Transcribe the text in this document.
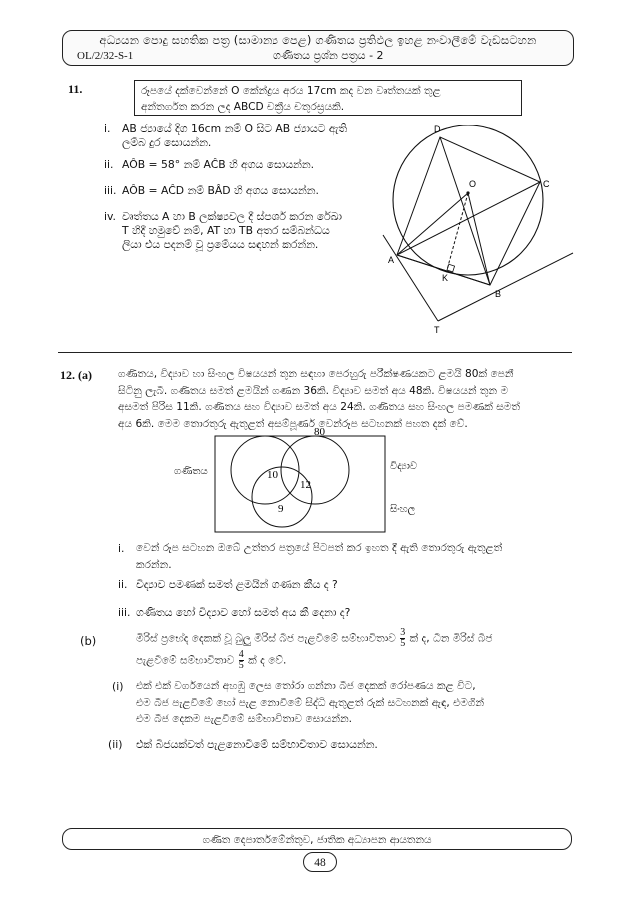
අධ්‍යයන පොදු සහතික පත්‍ර (සාමාන්‍ය පෙළ) ගණිතය ප්‍රතිඵල ඉහළ නංවාලීමේ වැඩසටහන
OL/2/32-S-1	ගණිතය ප්‍රශ්න පත්‍රය - 2
11.	රූපයේ දක්වෙන්නේ O කේන්ද්‍රය අරය 17cm කද වන වෘත්තයක් තුළ
අන්තර්ගත කරන ලද ABCD චක්‍රීය චතුරස්‍රයකි.
i. AB ජ්‍යායේ දිග 16cm නම් O සිට AB ජ්‍යායට ඇති
ලම්බ දුර සොයන්න.
ii. AÔB = 58° නම් AĈB හි අගය සොයන්න.
iii. AÔB = AĈD නම් BÂD හි අගය සොයන්න.
iv. වෘත්තය A හා B ලක්ෂ්‍යවල දී ස්පර්ශ කරන රේඛා
T හිදී හමුවේ නම්, AT හා TB අතර සම්බන්ධය
ලියා එය පදනම් වූ ප්‍රමේයය සඳහන් කරන්න.
D
C
O
A
K
B
T
12. (a) ගණිතය, විද්‍යාව හා සිංහල විෂයයන් තුන සඳහා පෙරහුරු පරීක්ෂණයකට ළමයි 80ක් පෙනී
සිටිනු ලැබී. ගණිතය සමත් ළමයින් ගණන 36කි. විද්‍යාව සමත් අය 48කි. විෂයයන් තුන ම
අසමත් පිරිස 11කි. ගණිතය සහ විද්‍යාව සමත් අය 24කි. ගණිතය සහ සිංහල පමණක් සමත්
අය 6කි. මෙම තොරතුරු ඇතුළත් අසම්පූර්ණ වෙන්රූප සටහනක් පහත දක් වේ.
80
ගණිතය	විද්‍යාව
සිංහල
10
12
9
i. වෙන් රූප සටහන ඔබේ උත්තර පත්‍රයේ පිටපත් කර ඉහත දී ඇති තොරතුරු ඇතුළත්
කරන්න.
ii. විද්‍යාව පමණක් සමත් ළමයින් ගණන කීය ද ?
iii. ගණිතය හෝ විද්‍යාව හෝ සමත් අය කී දෙනා ද?
(b)	මිරිස් ප්‍රභේද දෙකක් වූ බුලු මිරිස් බීජ පැළවීමේ සම්භාවිතාව $\frac{3}{5}$ ක් ද, ධීන මිරිස් බීජ
පැළවීමේ සම්භාවිතාව $\frac{4}{5}$ ක් ද වේ.
(i) එක් එක් වර්ගයෙන් අහඹු ලෙස තෝරා ගන්නා බීජ දෙකක් රෝපණය කළ විට,
එම බීජ පැළවීමේ හෝ පැළ නොවීමේ සිද්ධි ඇතුළත් රුක් සටහනක් ඇඳ, එමගින්
එම බීජ දෙකම පැළවීමේ සම්භාවිතාව සොයන්න.
(ii) එක් බීජයක්වත් පැළනොවීමේ සම්භාවිතාව සොයන්න.
ගණිත දෙපාර්තමේන්තුව, ජාතික අධ්‍යාපන ආයතනය
48
